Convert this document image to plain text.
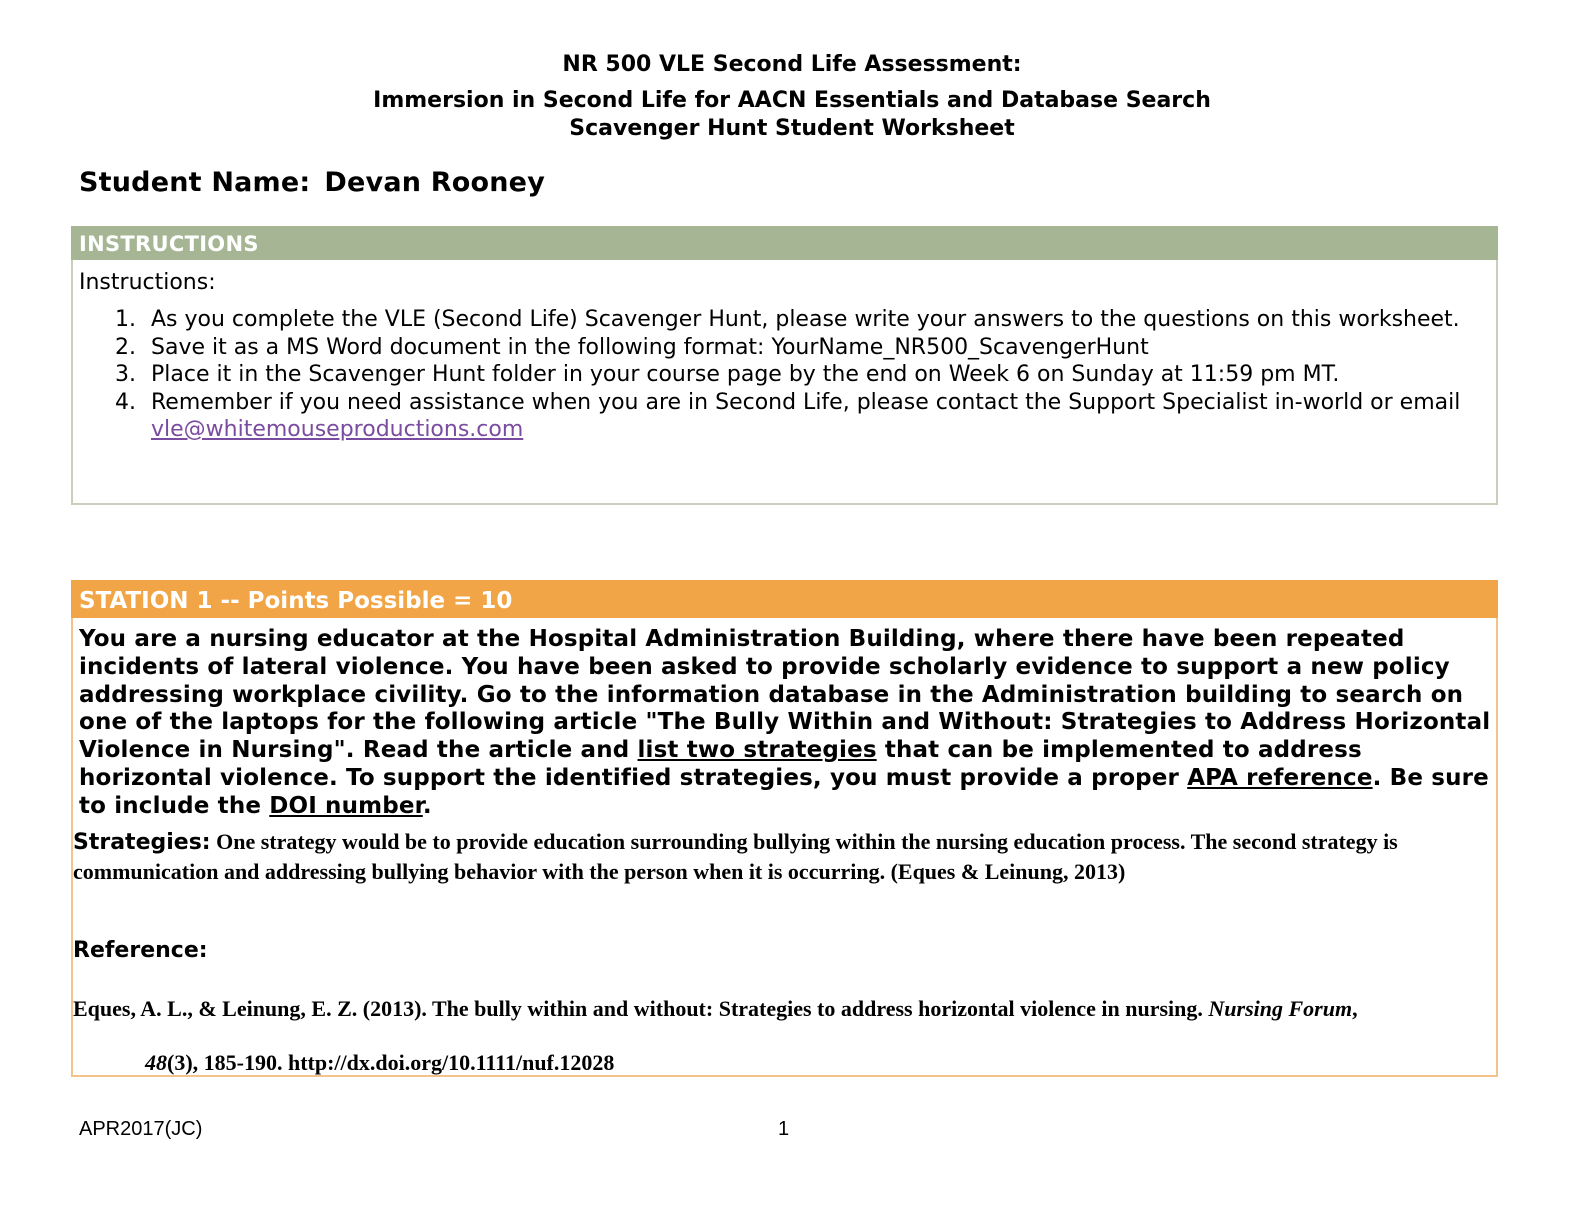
NR 500 VLE Second Life Assessment:
Immersion in Second Life for AACN Essentials and Database Search
Scavenger Hunt Student Worksheet
Student Name: Devan Rooney
INSTRUCTIONS
Instructions:
1. As you complete the VLE (Second Life) Scavenger Hunt, please write your answers to the questions on this worksheet.
2. Save it as a MS Word document in the following format: YourName_NR500_ScavengerHunt
3. Place it in the Scavenger Hunt folder in your course page by the end on Week 6 on Sunday at 11:59 pm MT.
4. Remember if you need assistance when you are in Second Life, please contact the Support Specialist in-world or email vle@whitemouseproductions.com
STATION 1 -- Points Possible = 10
You are a nursing educator at the Hospital Administration Building, where there have been repeated incidents of lateral violence. You have been asked to provide scholarly evidence to support a new policy addressing workplace civility. Go to the information database in the Administration building to search on one of the laptops for the following article "The Bully Within and Without: Strategies to Address Horizontal Violence in Nursing". Read the article and list two strategies that can be implemented to address horizontal violence. To support the identified strategies, you must provide a proper APA reference. Be sure to include the DOI number.
Strategies: One strategy would be to provide education surrounding bullying within the nursing education process. The second strategy is communication and addressing bullying behavior with the person when it is occurring. (Eques & Leinung, 2013)
Reference:
Eques, A. L., & Leinung, E. Z. (2013). The bully within and without: Strategies to address horizontal violence in nursing. Nursing Forum,
48(3), 185-190. http://dx.doi.org/10.1111/nuf.12028
APR2017(JC)	1
